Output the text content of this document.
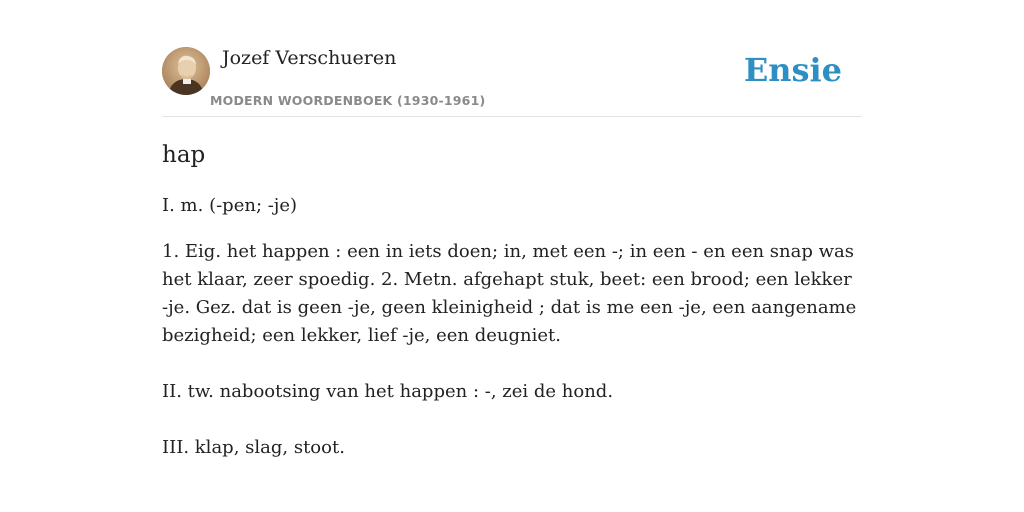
Jozef Verschueren
MODERN WOORDENBOEK (1930-1961)
Ensie
hap

I. m. (-pen; -je)

1. Eig. het happen : een in iets doen; in, met een -; in een - en een snap was het klaar, zeer spoedig. 2. Metn. afgehapt stuk, beet: een brood; een lekker -je. Gez. dat is geen -je, geen kleinigheid ; dat is me een -je, een aangename bezigheid; een lekker, lief -je, een deugniet.

II. tw. nabootsing van het happen : -, zei de hond.

III. klap, slag, stoot.
